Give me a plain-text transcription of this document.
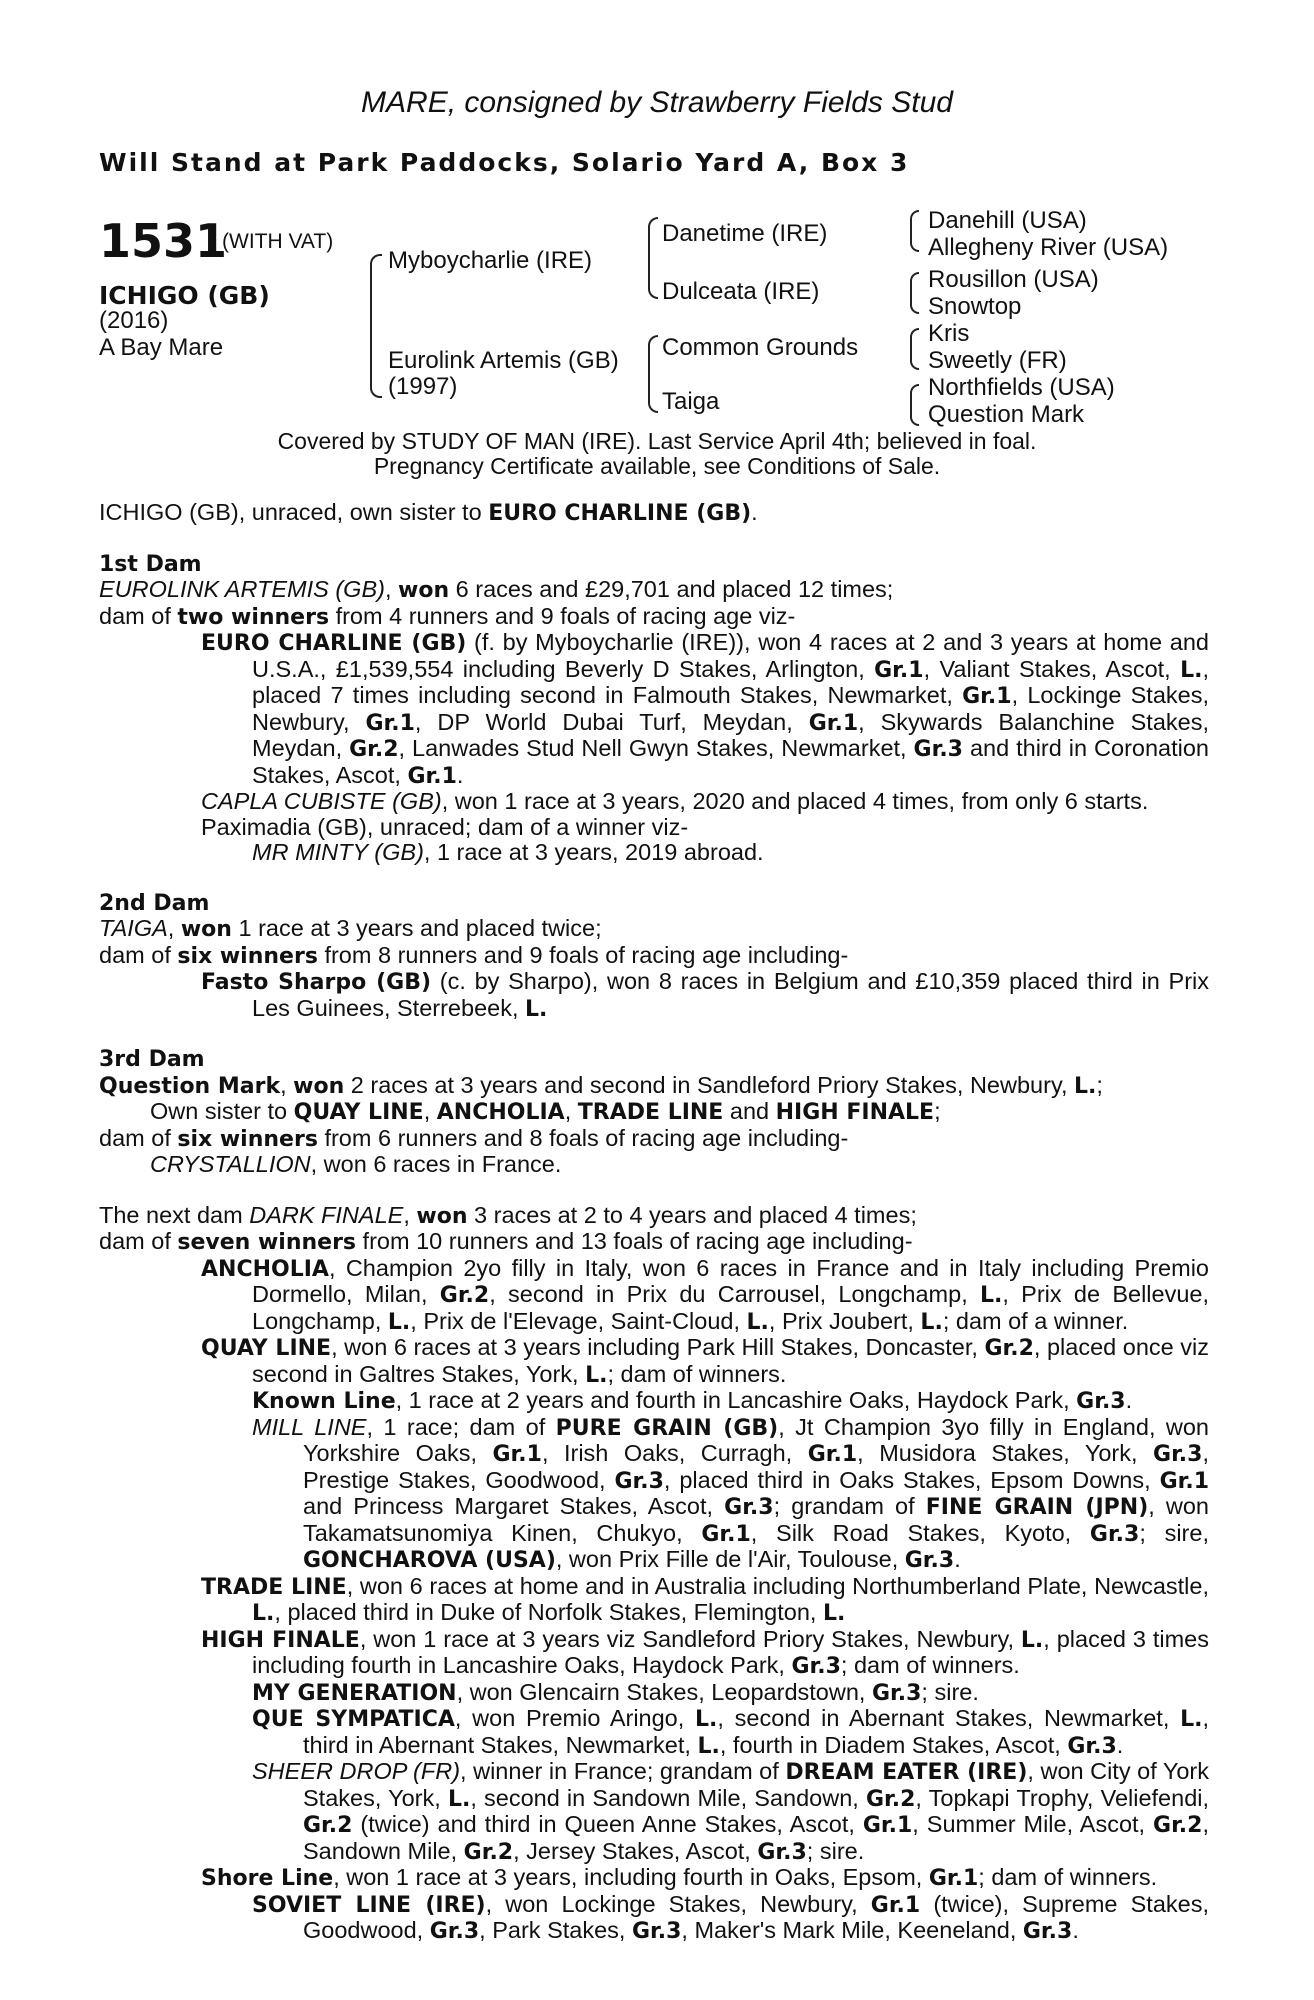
MARE, consigned by Strawberry Fields Stud
Will Stand at Park Paddocks, Solario Yard A, Box 3
1531
(WITH VAT)
ICHIGO (GB)
(2016)
A Bay Mare
Myboycharlie (IRE)
Eurolink Artemis (GB)
(1997)
Danetime (IRE)
Dulceata (IRE)
Common Grounds
Taiga
Danehill (USA)
Allegheny River (USA)
Rousillon (USA)
Snowtop
Kris
Sweetly (FR)
Northfields (USA)
Question Mark
Covered by STUDY OF MAN (IRE). Last Service April 4th; believed in foal.
Pregnancy Certificate available, see Conditions of Sale.

ICHIGO (GB), unraced, own sister to EURO CHARLINE (GB).

1st Dam

EUROLINK ARTEMIS (GB), won 6 races and £29,701 and placed 12 times;

dam of two winners from 4 runners and 9 foals of racing age viz-

EURO CHARLINE (GB) (f. by Myboycharlie (IRE)), won 4 races at 2 and 3 years at home and U.S.A., £1,539,554 including Beverly D Stakes, Arlington, Gr.1, Valiant Stakes, Ascot, L., placed 7 times including second in Falmouth Stakes, Newmarket, Gr.1, Lockinge Stakes, Newbury, Gr.1, DP World Dubai Turf, Meydan, Gr.1, Skywards Balanchine Stakes, Meydan, Gr.2, Lanwades Stud Nell Gwyn Stakes, Newmarket, Gr.3 and third in Coronation Stakes, Ascot, Gr.1.

CAPLA CUBISTE (GB), won 1 race at 3 years, 2020 and placed 4 times, from only 6 starts.

Paximadia (GB), unraced; dam of a winner viz-

MR MINTY (GB), 1 race at 3 years, 2019 abroad.

2nd Dam

TAIGA, won 1 race at 3 years and placed twice;

dam of six winners from 8 runners and 9 foals of racing age including-

Fasto Sharpo (GB) (c. by Sharpo), won 8 races in Belgium and £10,359 placed third in Prix Les Guinees, Sterrebeek, L.

3rd Dam

Question Mark, won 2 races at 3 years and second in Sandleford Priory Stakes, Newbury, L.;

Own sister to QUAY LINE, ANCHOLIA, TRADE LINE and HIGH FINALE;

dam of six winners from 6 runners and 8 foals of racing age including-

CRYSTALLION, won 6 races in France.

The next dam DARK FINALE, won 3 races at 2 to 4 years and placed 4 times;

dam of seven winners from 10 runners and 13 foals of racing age including-

ANCHOLIA, Champion 2yo filly in Italy, won 6 races in France and in Italy including Premio Dormello, Milan, Gr.2, second in Prix du Carrousel, Longchamp, L., Prix de Bellevue, Longchamp, L., Prix de l'Elevage, Saint-Cloud, L., Prix Joubert, L.; dam of a winner.

QUAY LINE, won 6 races at 3 years including Park Hill Stakes, Doncaster, Gr.2, placed once viz second in Galtres Stakes, York, L.; dam of winners.

Known Line, 1 race at 2 years and fourth in Lancashire Oaks, Haydock Park, Gr.3.

MILL LINE, 1 race; dam of PURE GRAIN (GB), Jt Champion 3yo filly in England, won Yorkshire Oaks, Gr.1, Irish Oaks, Curragh, Gr.1, Musidora Stakes, York, Gr.3, Prestige Stakes, Goodwood, Gr.3, placed third in Oaks Stakes, Epsom Downs, Gr.1 and Princess Margaret Stakes, Ascot, Gr.3; grandam of FINE GRAIN (JPN), won Takamatsunomiya Kinen, Chukyo, Gr.1, Silk Road Stakes, Kyoto, Gr.3; sire, GONCHAROVA (USA), won Prix Fille de l'Air, Toulouse, Gr.3.

TRADE LINE, won 6 races at home and in Australia including Northumberland Plate, Newcastle, L., placed third in Duke of Norfolk Stakes, Flemington, L.

HIGH FINALE, won 1 race at 3 years viz Sandleford Priory Stakes, Newbury, L., placed 3 times including fourth in Lancashire Oaks, Haydock Park, Gr.3; dam of winners.

MY GENERATION, won Glencairn Stakes, Leopardstown, Gr.3; sire.

QUE SYMPATICA, won Premio Aringo, L., second in Abernant Stakes, Newmarket, L., third in Abernant Stakes, Newmarket, L., fourth in Diadem Stakes, Ascot, Gr.3.

SHEER DROP (FR), winner in France; grandam of DREAM EATER (IRE), won City of York Stakes, York, L., second in Sandown Mile, Sandown, Gr.2, Topkapi Trophy, Veliefendi, Gr.2 (twice) and third in Queen Anne Stakes, Ascot, Gr.1, Summer Mile, Ascot, Gr.2, Sandown Mile, Gr.2, Jersey Stakes, Ascot, Gr.3; sire.

Shore Line, won 1 race at 3 years, including fourth in Oaks, Epsom, Gr.1; dam of winners.

SOVIET LINE (IRE), won Lockinge Stakes, Newbury, Gr.1 (twice), Supreme Stakes, Goodwood, Gr.3, Park Stakes, Gr.3, Maker's Mark Mile, Keeneland, Gr.3.
